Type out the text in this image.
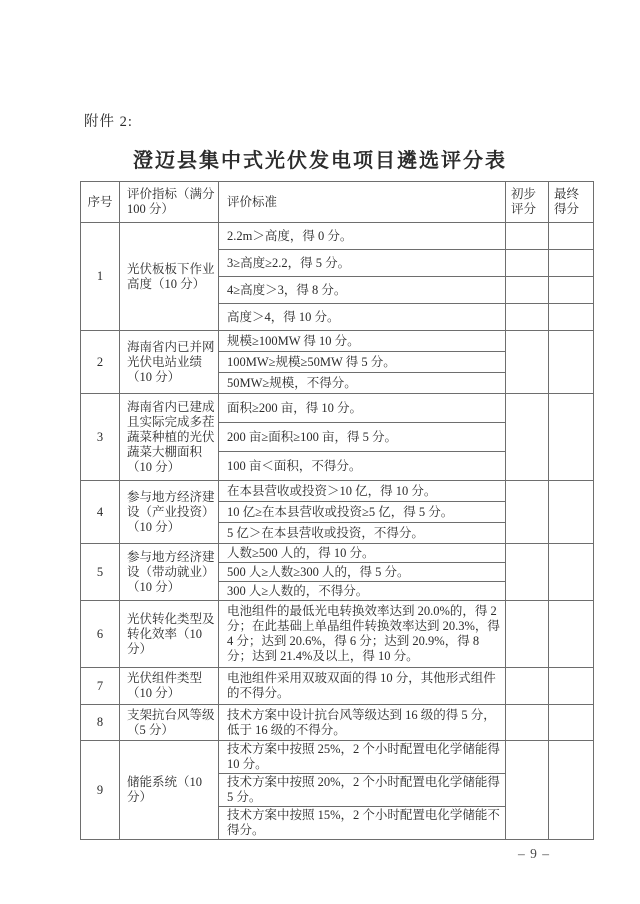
附件 2:
澄迈县集中式光伏发电项目遴选评分表
序号	评价指标（满分 100 分）	评价标准	初步评分	最终得分
1	光伏板板下作业高度（10 分）	2.2m＞高度，得 0 分。		
		3≥高度≥2.2，得 5 分。		
		4≥高度＞3，得 8 分。		
		高度＞4，得 10 分。		
2	海南省内已并网光伏电站业绩（10 分）	规模≥100MW 得 10 分。		
		100MW≥规模≥50MW 得 5 分。		
		50MW≥规模，不得分。		
3	海南省内已建成且实际完成多茬蔬菜种植的光伏蔬菜大棚面积（10 分）	面积≥200 亩，得 10 分。		
		200 亩≥面积≥100 亩，得 5 分。		
		100 亩＜面积，不得分。		
4	参与地方经济建设（产业投资）（10 分）	在本县营收或投资＞10 亿，得 10 分。		
		10 亿≥在本县营收或投资≥5 亿，得 5 分。		
		5 亿＞在本县营收或投资，不得分。		
5	参与地方经济建设（带动就业）（10 分）	人数≥500 人的，得 10 分。		
		500 人≥人数≥300 人的，得 5 分。		
		300 人≥人数的，不得分。		
6	光伏转化类型及转化效率（10 分）	电池组件的最低光电转换效率达到 20.0%的，得 2 分；在此基础上单晶组件转换效率达到 20.3%，得 4 分；达到 20.6%，得 6 分；达到 20.9%，得 8 分；达到 21.4%及以上，得 10 分。		
7	光伏组件类型（10 分）	电池组件采用双玻双面的得 10 分，其他形式组件的不得分。		
8	支架抗台风等级（5 分）	技术方案中设计抗台风等级达到 16 级的得 5 分，低于 16 级的不得分。		
9	储能系统（10 分）	技术方案中按照 25%，2 个小时配置电化学储能得 10 分。		
		技术方案中按照 20%，2 个小时配置电化学储能得 5 分。		
		技术方案中按照 15%，2 个小时配置电化学储能不得分。		
– 9 –
